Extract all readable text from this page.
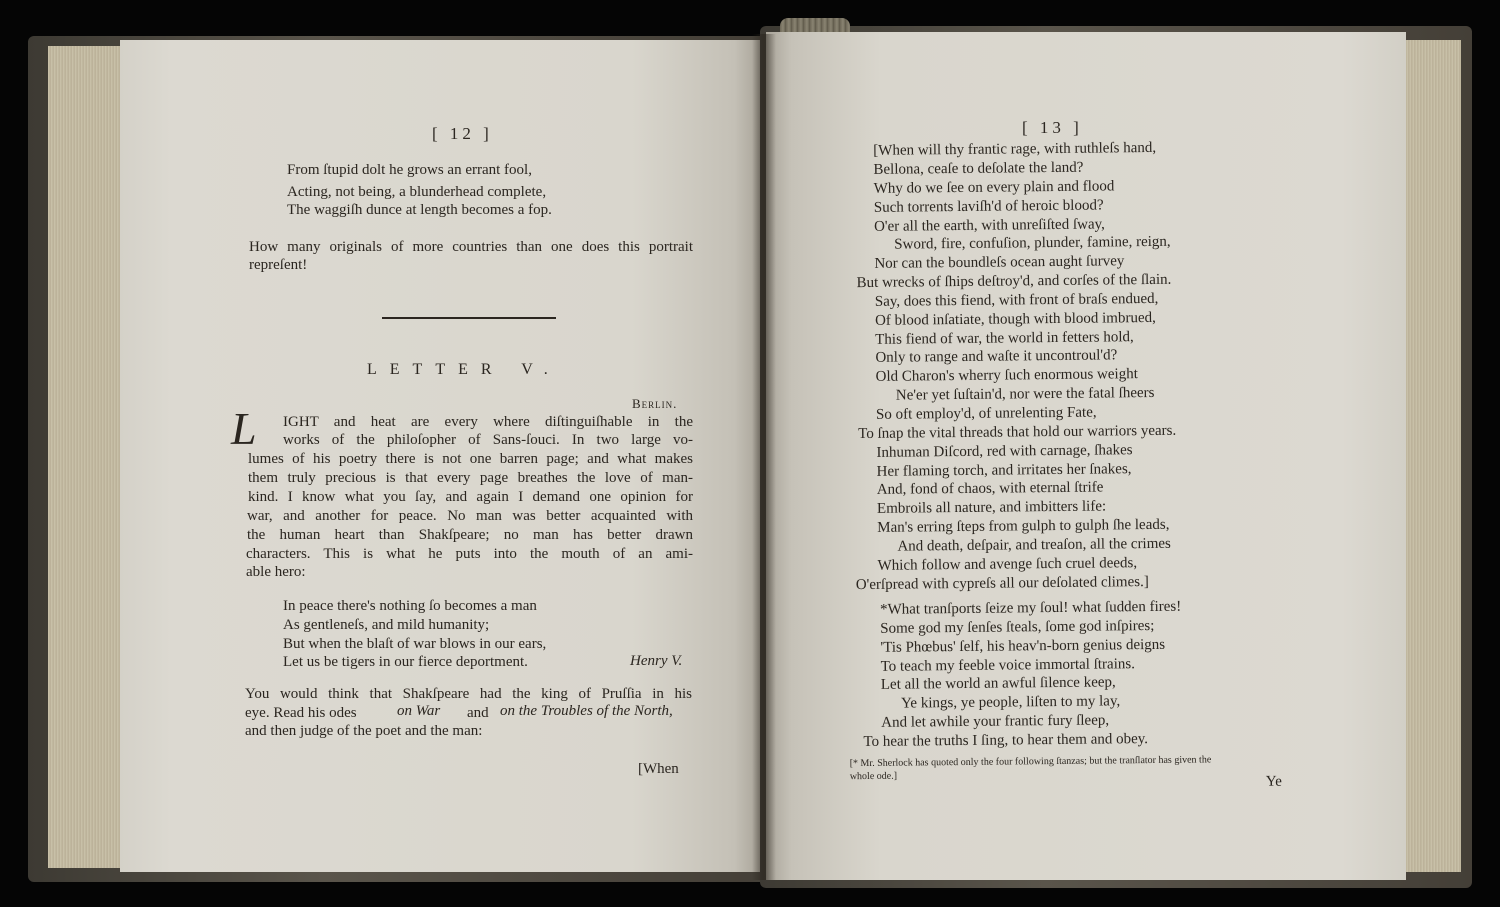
[ 12 ]
From ſtupid dolt he grows an errant fool,
Acting, not being, a blunderhead complete,
The waggiſh dunce at length becomes a fop.
How many originals of more countries than one does this portrait
repreſent!
LETTER V.
Berlin.
L IGHT and heat are every where diſtinguiſhable in the
works of the philoſopher of Sans-ſouci. In two large vo-
lumes of his poetry there is not one barren page; and what makes
them truly precious is that every page breathes the love of man-
kind. I know what you ſay, and again I demand one opinion for
war, and another for peace. No man was better acquainted with
the human heart than Shakſpeare; no man has better drawn
characters. This is what he puts into the mouth of an ami-
able hero:
In peace there's nothing ſo becomes a man
As gentleneſs, and mild humanity;
But when the blaſt of war blows in our ears,
Let us be tigers in our fierce deportment.	Henry V.
You would think that Shakſpeare had the king of Pruſſia in his
eye. Read his odes	on War and on the Troubles of the North,
and then judge of the poet and the man:
[When
[ 13 ]
[When will thy frantic rage, with ruthleſs hand,
Bellona, ceaſe to deſolate the land?
Why do we ſee on every plain and flood
Such torrents laviſh'd of heroic blood?
O'er all the earth, with unreſiſted ſway,
Sword, fire, confuſion, plunder, famine, reign,
Nor can the boundleſs ocean aught ſurvey
But wrecks of ſhips deſtroy'd, and corſes of the ſlain.
Say, does this fiend, with front of braſs endued,
Of blood inſatiate, though with blood imbrued,
This fiend of war, the world in fetters hold,
Only to range and waſte it uncontroul'd?
Old Charon's wherry ſuch enormous weight
Ne'er yet ſuſtain'd, nor were the fatal ſheers
So oft employ'd, of unrelenting Fate,
To ſnap the vital threads that hold our warriors years.
Inhuman Diſcord, red with carnage, ſhakes
Her flaming torch, and irritates her ſnakes,
And, fond of chaos, with eternal ſtrife
Embroils all nature, and imbitters life:
Man's erring ſteps from gulph to gulph ſhe leads,
And death, deſpair, and treaſon, all the crimes
Which follow and avenge ſuch cruel deeds,
O'erſpread with cypreſs all our deſolated climes.]
*What tranſports ſeize my ſoul! what ſudden fires!
Some god my ſenſes ſteals, ſome god inſpires;
'Tis Phœbus' ſelf, his heav'n-born genius deigns
To teach my feeble voice immortal ſtrains.
Let all the world an awful ſilence keep,
Ye kings, ye people, liſten to my lay,
And let awhile your frantic fury ſleep,
To hear the truths I ſing, to hear them and obey.
[* Mr. Sherlock has quoted only the four following ſtanzas; but the tranſlator has given the
whole ode.]	Ye
